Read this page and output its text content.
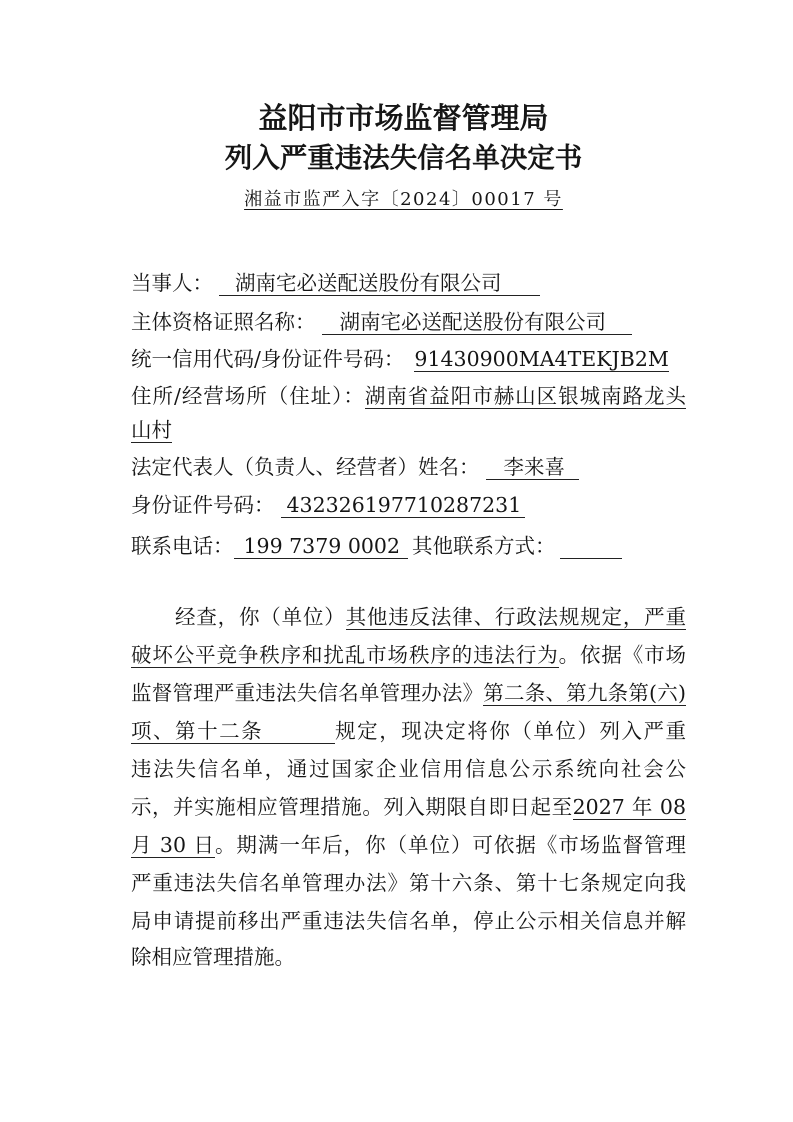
益阳市市场监督管理局
列入严重违法失信名单决定书
湘益市监严入字〔2024〕00017 号
当事人： 湖南宅必送配送股份有限公司
主体资格证照名称： 湖南宅必送配送股份有限公司
统一信用代码/身份证件号码： 91430900MA4TEKJB2M
住所/经营场所（住址）：湖南省益阳市赫山区银城南路龙头
山村
法定代表人（负责人、经营者）姓名： 李来喜
身份证件号码： 432326197710287231
联系电话： 199 7379 0002 其他联系方式：
经查，你（单位）其他违反法律、行政法规规定，严重
破坏公平竞争秩序和扰乱市场秩序的违法行为。依据《市场
监督管理严重违法失信名单管理办法》第二条、第九条第(六)
项、第十二条	规定，现决定将你（单位）列入严重
违法失信名单，通过国家企业信用信息公示系统向社会公
示，并实施相应管理措施。列入期限自即日起至2027 年 08
月 30 日。期满一年后，你（单位）可依据《市场监督管理
严重违法失信名单管理办法》第十六条、第十七条规定向我
局申请提前移出严重违法失信名单，停止公示相关信息并解
除相应管理措施。
